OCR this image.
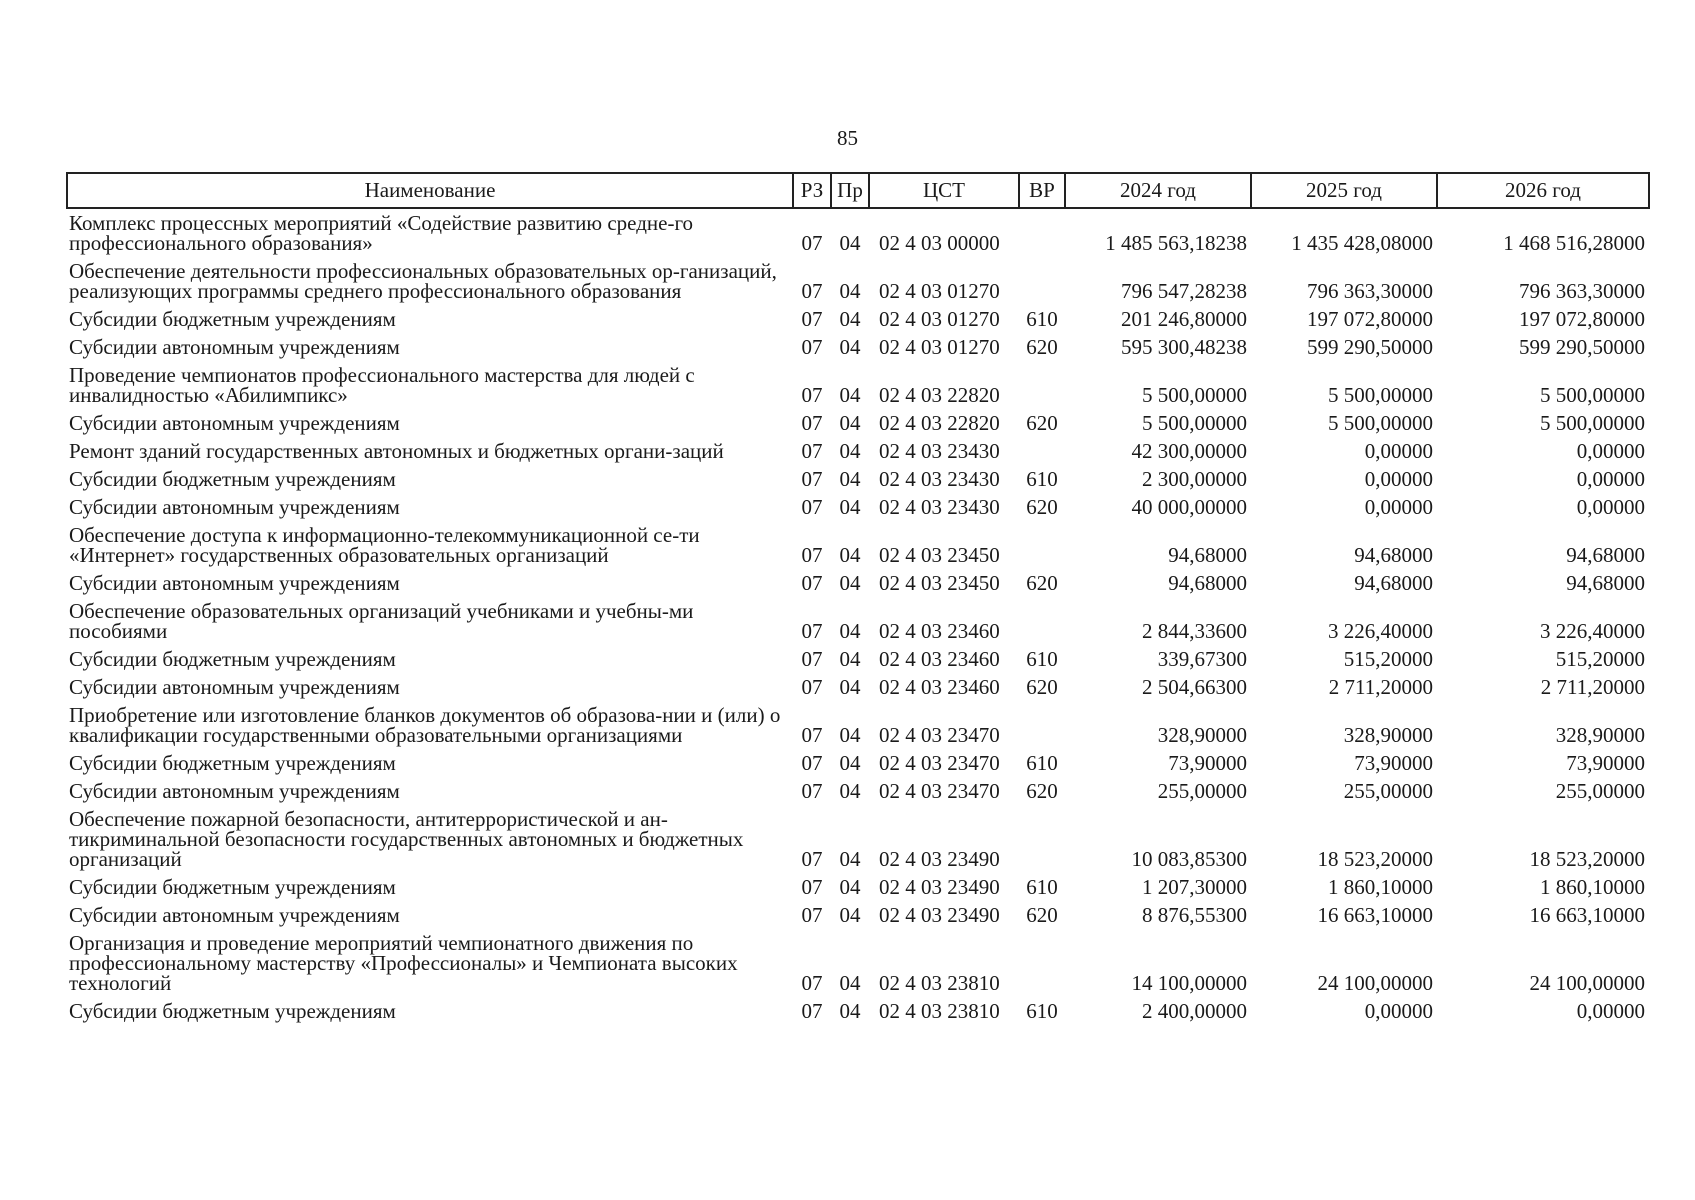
85
Наименование	РЗ	Пр	ЦСТ	ВР	2024 год	2025 год	2026 год
Комплекс процессных мероприятий «Содействие развитию средне-го профессионального образования»	07	04	02 4 03 00000		1 485 563,18238	1 435 428,08000	1 468 516,28000
Обеспечение деятельности профессиональных образовательных ор-ганизаций, реализующих программы среднего профессионального образования	07	04	02 4 03 01270		796 547,28238	796 363,30000	796 363,30000
Субсидии бюджетным учреждениям	07	04	02 4 03 01270	610	201 246,80000	197 072,80000	197 072,80000
Субсидии автономным учреждениям	07	04	02 4 03 01270	620	595 300,48238	599 290,50000	599 290,50000
Проведение чемпионатов профессионального мастерства для людей с инвалидностью «Абилимпикс»	07	04	02 4 03 22820		5 500,00000	5 500,00000	5 500,00000
Субсидии автономным учреждениям	07	04	02 4 03 22820	620	5 500,00000	5 500,00000	5 500,00000
Ремонт зданий государственных автономных и бюджетных органи-заций	07	04	02 4 03 23430		42 300,00000	0,00000	0,00000
Субсидии бюджетным учреждениям	07	04	02 4 03 23430	610	2 300,00000	0,00000	0,00000
Субсидии автономным учреждениям	07	04	02 4 03 23430	620	40 000,00000	0,00000	0,00000
Обеспечение доступа к информационно-телекоммуникационной се-ти «Интернет» государственных образовательных организаций	07	04	02 4 03 23450		94,68000	94,68000	94,68000
Субсидии автономным учреждениям	07	04	02 4 03 23450	620	94,68000	94,68000	94,68000
Обеспечение образовательных организаций учебниками и учебны-ми пособиями	07	04	02 4 03 23460		2 844,33600	3 226,40000	3 226,40000
Субсидии бюджетным учреждениям	07	04	02 4 03 23460	610	339,67300	515,20000	515,20000
Субсидии автономным учреждениям	07	04	02 4 03 23460	620	2 504,66300	2 711,20000	2 711,20000
Приобретение или изготовление бланков документов об образова-нии и (или) о квалификации государственными образовательными организациями	07	04	02 4 03 23470		328,90000	328,90000	328,90000
Субсидии бюджетным учреждениям	07	04	02 4 03 23470	610	73,90000	73,90000	73,90000
Субсидии автономным учреждениям	07	04	02 4 03 23470	620	255,00000	255,00000	255,00000
Обеспечение пожарной безопасности, антитеррористической и ан-тикриминальной безопасности государственных автономных и бюджетных организаций	07	04	02 4 03 23490		10 083,85300	18 523,20000	18 523,20000
Субсидии бюджетным учреждениям	07	04	02 4 03 23490	610	1 207,30000	1 860,10000	1 860,10000
Субсидии автономным учреждениям	07	04	02 4 03 23490	620	8 876,55300	16 663,10000	16 663,10000
Организация и проведение мероприятий чемпионатного движения по профессиональному мастерству «Профессионалы» и Чемпионата высоких технологий	07	04	02 4 03 23810		14 100,00000	24 100,00000	24 100,00000
Субсидии бюджетным учреждениям	07	04	02 4 03 23810	610	2 400,00000	0,00000	0,00000
